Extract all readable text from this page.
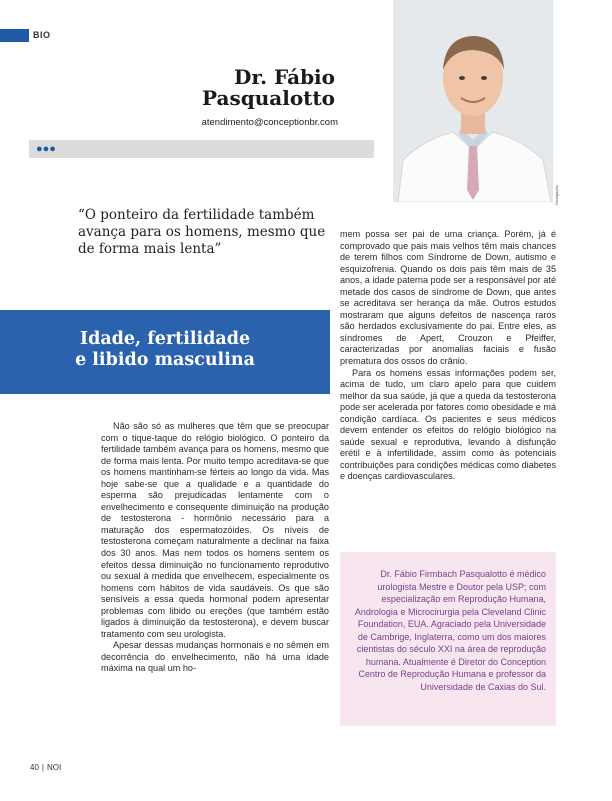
BIO
Divulgação
Dr. Fábio
Pasqualotto
atendimento@conceptionbr.com
●●●
“O ponteiro da fertilidade também avança para os homens, mesmo que de forma mais lenta”
Idade, fertilidade
e libido masculina

Não são só as mulheres que têm que se preocupar com o tique-taque do relógio biológico. O ponteiro da fertilidade também avança para os homens, mesmo que de forma mais lenta. Por muito tempo acreditava-se que os homens mantinham-se férteis ao longo da vida. Mas hoje sabe-se que a qualidade e a quantidade do esperma são prejudicadas lentamente com o envelhecimento e consequente diminuição na produção de testosterona - hormônio necessário para a maturação dos espermatozóides. Os níveis de testosterona começam naturalmente a declinar na faixa dos 30 anos. Mas nem todos os homens sentem os efeitos dessa diminuição no funcionamento reprodutivo ou sexual à medida que envelhecem, especialmente os homens com hábitos de vida saudáveis. Os que são sensíveis a essa queda hormonal podem apresentar problemas com libido ou ereções (que também estão ligados à diminuição da testosterona), e devem buscar tratamento com seu urologista.

Apesar dessas mudanças hormonais e no sêmen em decorrência do envelhecimento, não há uma idade máxima na qual um ho-

mem possa ser pai de uma criança. Porém, já é comprovado que pais mais velhos têm mais chances de terem filhos com Síndrome de Down, autismo e esquizofrenia. Quando os dois pais têm mais de 35 anos, a idade paterna pode ser a responsável por até metade dos casos de síndrome de Down, que antes se acreditava ser herança da mãe. Outros estudos mostraram que alguns defeitos de nascença raros são herdados exclusivamente do pai. Entre eles, as síndromes de Apert, Crouzon e Pfeiffer, caracterizadas por anomalias faciais e fusão prematura dos ossos do crânio.

Para os homens essas informações podem ser, acima de tudo, um claro apelo para que cuidem melhor da sua saúde, já que a queda da testosterona pode ser acelerada por fatores como obesidade e má condição cardíaca. Os pacientes e seus médicos devem entender os efeitos do relógio biológico na saúde sexual e reprodutiva, levando à disfunção erétil e à infertilidade, assim como às potenciais contribuições para condições médicas como diabetes e doenças cardiovasculares.

Dr. Fábio Firmbach Pasqualotto é médico urologista Mestre e Doutor pela USP; com especialização em Reprodução Humana, Andrologia e Microcirurgia pela Cleveland Clinic Foundation, EUA. Agraciado pela Universidade de Cambrige, Inglaterra, como um dos maiores cientistas do século XXI na área de reprodução humana. Atualmente é Diretor do Conception Centro de Reprodução Humana e professor da Universidade de Caxias do Sul.
40 | NOI
